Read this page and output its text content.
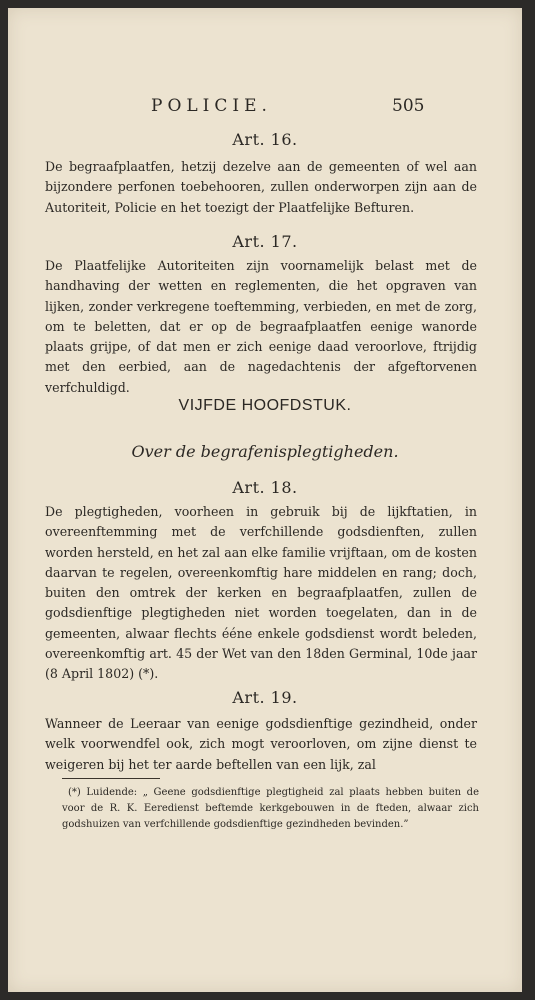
POLICIE.	505
Art. 16.

De begraafplaatfen, hetzij dezelve aan de gemeenten of wel aan bijzondere perfonen toebehooren, zullen onderworpen zijn aan de Autoriteit, Policie en het toezigt der Plaatfelijke Befturen.

Art. 17.

De Plaatfelijke Autoriteiten zijn voornamelijk belast met de handhaving der wetten en reglementen, die het opgraven van lijken, zonder verkregene toeftemming, verbieden, en met de zorg, om te beletten, dat er op de begraafplaatfen eenige wanorde plaats grijpe, of dat men er zich eenige daad veroorlove, ftrijdig met den eerbied, aan de nagedachtenis der afgeftorvenen verfchuldigd.

VIJFDE HOOFDSTUK.
Over de begrafenisplegtigheden.
Art. 18.

De plegtigheden, voorheen in gebruik bij de lijkftatien, in overeenftemming met de verfchillende godsdienften, zullen worden hersteld, en het zal aan elke familie vrijftaan, om de kosten daarvan te regelen, overeenkomftig hare middelen en rang; doch, buiten den omtrek der kerken en begraafplaatfen, zullen de godsdienftige plegtigheden niet worden toegelaten, dan in de gemeenten, alwaar flechts ééne enkele godsdienst wordt beleden, overeenkomftig art. 45 der Wet van den 18den Germinal, 10de jaar (8 April 1802) (*).

Art. 19.

Wanneer de Leeraar van eenige godsdienftige gezindheid, onder welk voorwendfel ook, zich mogt veroorloven, om zijne dienst te weigeren bij het ter aarde beftellen van een lijk, zal

(*) Luidende: „ Geene godsdienftige plegtigheid zal plaats hebben buiten de voor de R. K. Eeredienst beftemde kerkgebouwen in de fteden, alwaar zich godshuizen van verfchillende godsdienftige gezindheden bevinden.”
